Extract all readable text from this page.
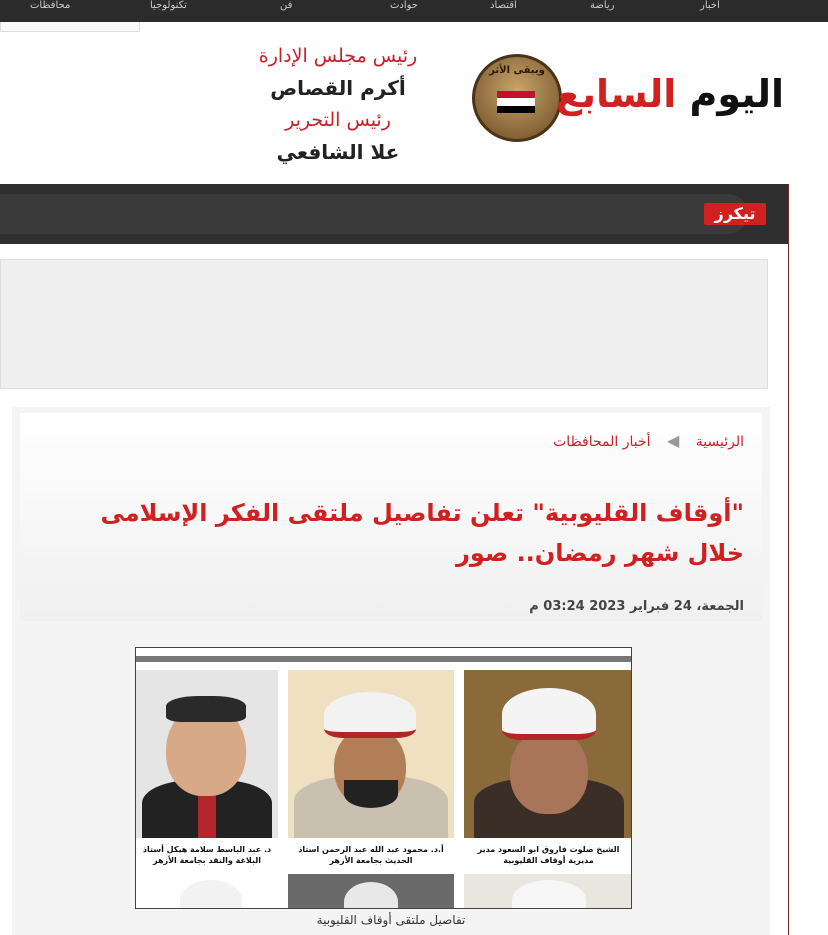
محافظات	تكنولوجيا	فن	حوادث	اقتصاد	رياضة	أخبار
ويبقى الأثر
اليوم السابع
رئيس مجلس الإدارة
أكرم القصاص
رئيس التحرير
علا الشافعي
تيكرز
الرئيسية ◀ أخبار المحافظات
"أوقاف القليوبية" تعلن تفاصيل ملتقى الفكر الإسلامى خلال شهر رمضان.. صور
الجمعة، 24 فبراير 2023 03:24 م
د. عبد الباسط سلامة هيكل أستاذ البلاغة والنقد بجامعة الأزهر
أ.د. محمود عبد الله عبد الرحمن استاذ الحديث بجامعة الأزهر
الشيخ صلوت فاروق ابو السعود مدير مديرية أوقاف القليوبية
تفاصيل ملتقى أوقاف القليوبية
